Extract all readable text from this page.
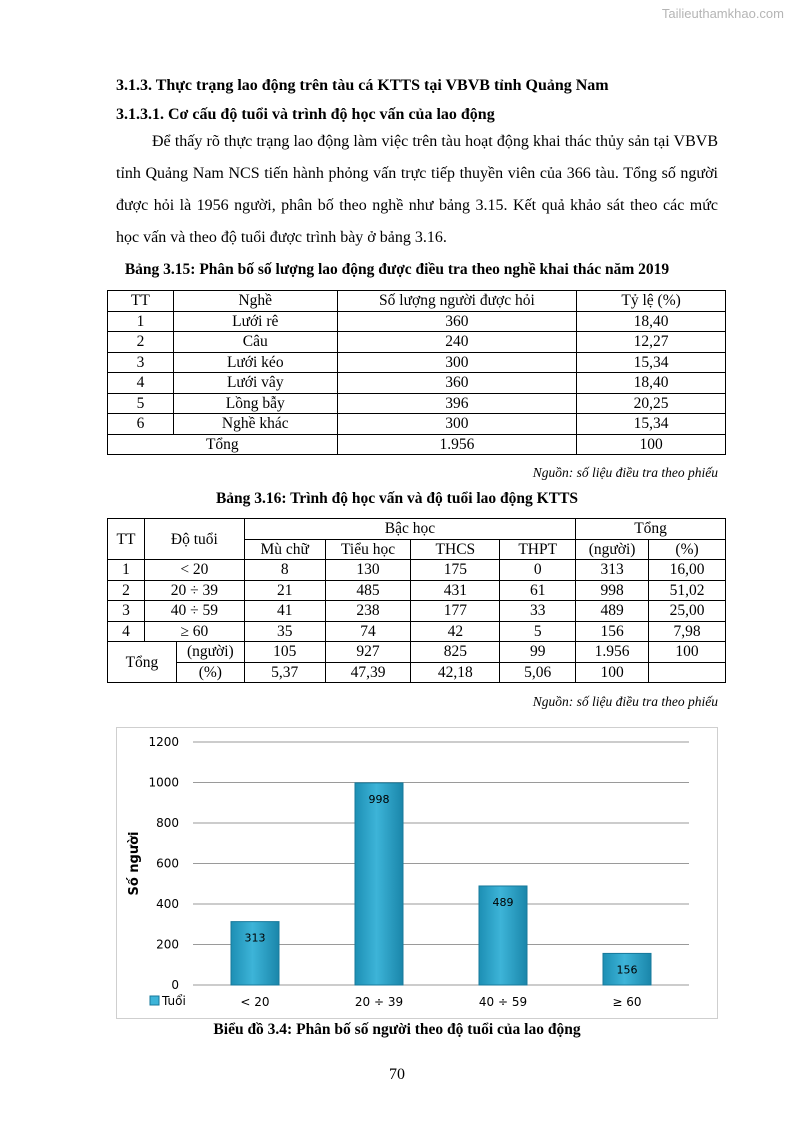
Tailieuthamkhao.com
3.1.3. Thực trạng lao động trên tàu cá KTTS tại VBVB tỉnh Quảng Nam
3.1.3.1. Cơ cấu độ tuổi và trình độ học vấn của lao động

Để thấy rõ thực trạng lao động làm việc trên tàu hoạt động khai thác thủy sản tại VBVB tỉnh Quảng Nam NCS tiến hành phỏng vấn trực tiếp thuyền viên của 366 tàu. Tổng số người được hỏi là 1956 người, phân bố theo nghề như bảng 3.15. Kết quả khảo sát theo các mức học vấn và theo độ tuổi được trình bày ở bảng 3.16.

Bảng 3.15: Phân bố số lượng lao động được điều tra theo nghề khai thác năm 2019
TT	Nghề	Số lượng người được hỏi	Tỷ lệ (%)
1	Lưới rê	360	18,40
2	Câu	240	12,27
3	Lưới kéo	300	15,34
4	Lưới vây	360	18,40
5	Lồng bẫy	396	20,25
6	Nghề khác	300	15,34
Tổng		1.956	100
Nguồn: số liệu điều tra theo phiếu
Bảng 3.16: Trình độ học vấn và độ tuổi lao động KTTS
TT	Độ tuổi		Bậc học				Tổng	
			Mù chữ	Tiểu học	THCS	THPT	(người)	(%)
1	< 20		8	130	175	0	313	16,00
2	20 ÷ 39		21	485	431	61	998	51,02
3	40 ÷ 59		41	238	177	33	489	25,00
4	≥ 60		35	74	42	5	156	7,98
Tổng		(người)	105	927	825	99	1.956	100
		(%)	5,37	47,39	42,18	5,06	100	
Nguồn: số liệu điều tra theo phiếu
0
200
400
600
800
1000
1200
Số người
313
< 20
998
20 ÷ 39
489
40 ÷ 59
156
≥ 60
Tuổi
Biểu đồ 3.4: Phân bố số người theo độ tuổi của lao động
70
